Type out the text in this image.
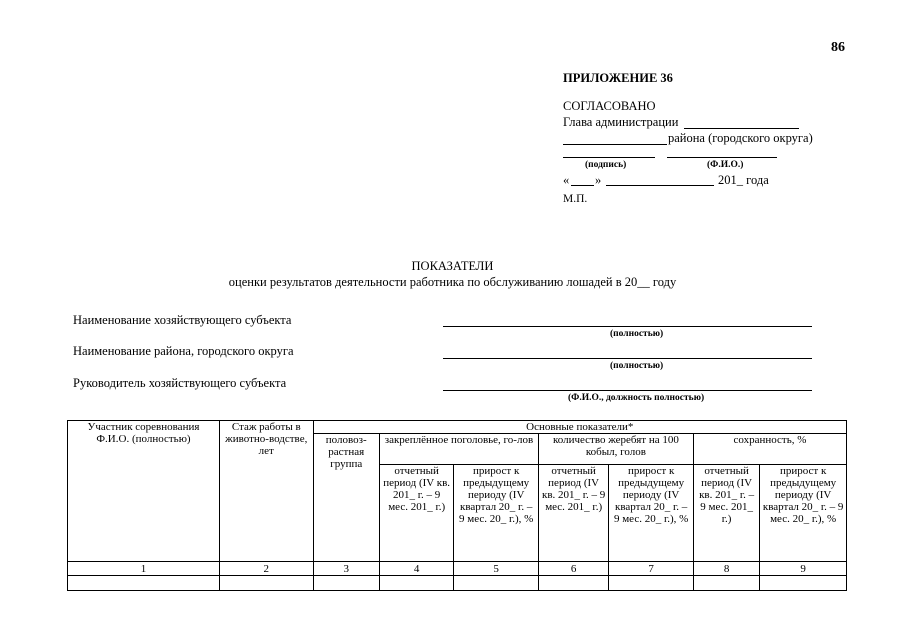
86
ПРИЛОЖЕНИЕ 36
СОГЛАСОВАНО
Глава администрации
района (городского округа)
(подпись)	(Ф.И.О.)
« »	201_ года
М.П.
ПОКАЗАТЕЛИ
оценки результатов деятельности работника по обслуживанию лошадей в 20__ году
Наименование хозяйствующего субъекта
(полностью)
Наименование района, городского округа
(полностью)
Руководитель хозяйствующего субъекта
(Ф.И.О., должность полностью)
Участник соревнования Ф.И.О. (полностью)	Стаж работы в животно-водстве, лет	Основные показатели*						
		половоз-растная группа	закреплённое поголовье, го-лов		количество жеребят на 100 кобыл, голов		сохранность, %	
			отчетный период (IV кв. 201_ г. – 9 мес. 201_ г.)	прирост к предыдущему периоду (IV квартал 20_ г. – 9 мес. 20_ г.), %	отчетный период (IV кв. 201_ г. – 9 мес. 201_ г.)	прирост к предыдущему периоду (IV квартал 20_ г. – 9 мес. 20_ г.), %	отчетный период (IV кв. 201_ г. – 9 мес. 201_ г.)	прирост к предыдущему периоду (IV квартал 20_ г. – 9 мес. 20_ г.), %
1	2	3	4	5	6	7	8	9
